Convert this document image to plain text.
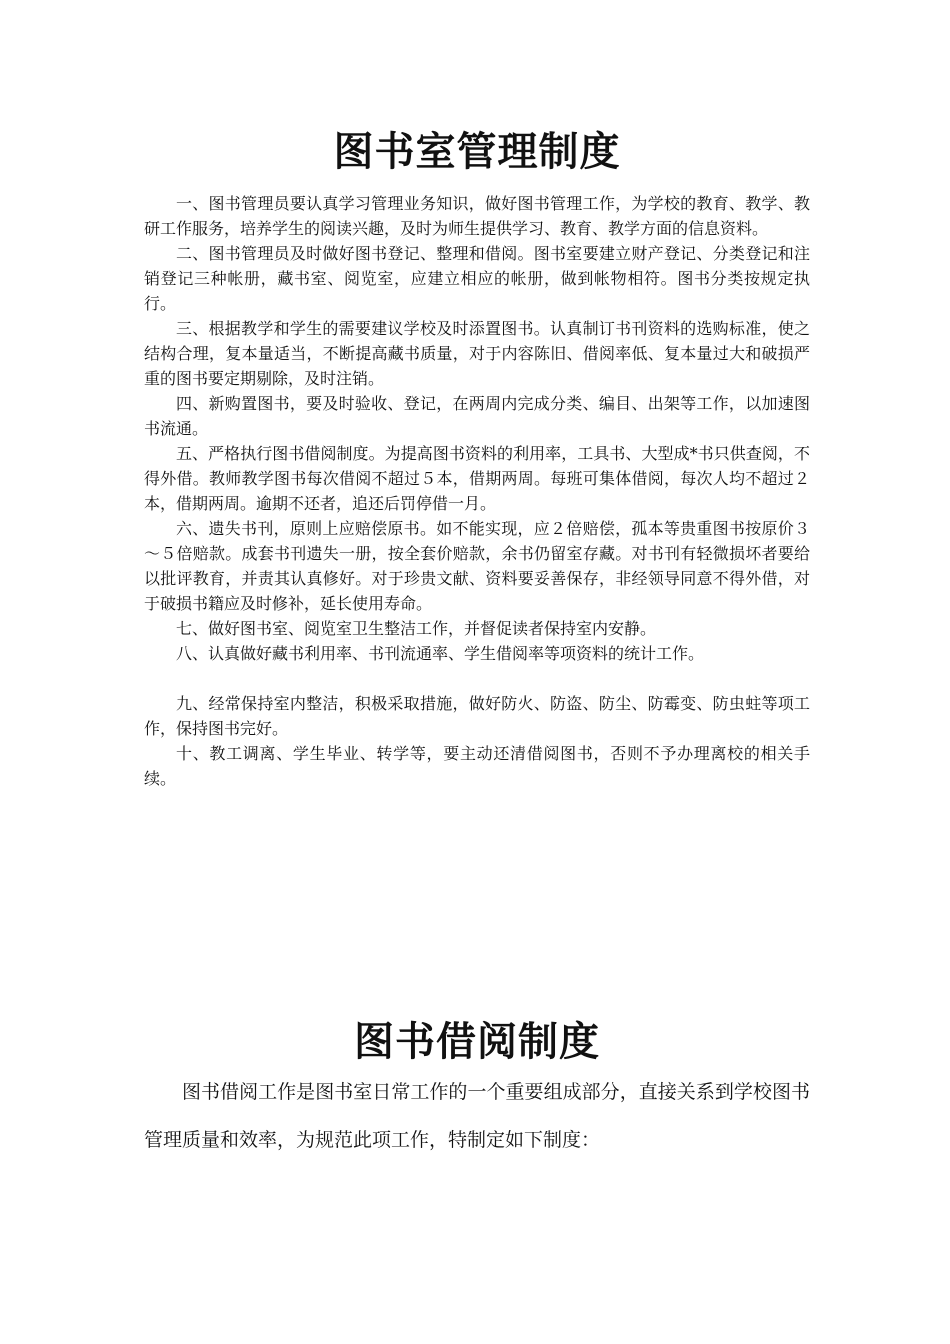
图书室管理制度

一、图书管理员要认真学习管理业务知识，做好图书管理工作，为学校的教育、教学、教研工作服务，培养学生的阅读兴趣，及时为师生提供学习、教育、教学方面的信息资料。

二、图书管理员及时做好图书登记、整理和借阅。图书室要建立财产登记、分类登记和注销登记三种帐册，藏书室、阅览室，应建立相应的帐册，做到帐物相符。图书分类按规定执行。

三、根据教学和学生的需要建议学校及时添置图书。认真制订书刊资料的选购标准，使之结构合理，复本量适当，不断提高藏书质量，对于内容陈旧、借阅率低、复本量过大和破损严重的图书要定期剔除，及时注销。

四、新购置图书，要及时验收、登记，在两周内完成分类、编目、出架等工作，以加速图书流通。

五、严格执行图书借阅制度。为提高图书资料的利用率，工具书、大型成*书只供查阅，不得外借。教师教学图书每次借阅不超过５本，借期两周。每班可集体借阅，每次人均不超过２本，借期两周。逾期不还者，追还后罚停借一月。

六、遗失书刊，原则上应赔偿原书。如不能实现，应２倍赔偿，孤本等贵重图书按原价３～５倍赔款。成套书刊遗失一册，按全套价赔款，余书仍留室存藏。对书刊有轻微损坏者要给以批评教育，并责其认真修好。对于珍贵文献、资料要妥善保存，非经领导同意不得外借，对于破损书籍应及时修补，延长使用寿命。

七、做好图书室、阅览室卫生整洁工作，并督促读者保持室内安静。

八、认真做好藏书利用率、书刊流通率、学生借阅率等项资料的统计工作。

九、经常保持室内整洁，积极采取措施，做好防火、防盗、防尘、防霉变、防虫蛀等项工作，保持图书完好。

十、教工调离、学生毕业、转学等，要主动还清借阅图书，否则不予办理离校的相关手续。

图书借阅制度

图书借阅工作是图书室日常工作的一个重要组成部分，直接关系到学校图书管理质量和效率，为规范此项工作，特制定如下制度：
